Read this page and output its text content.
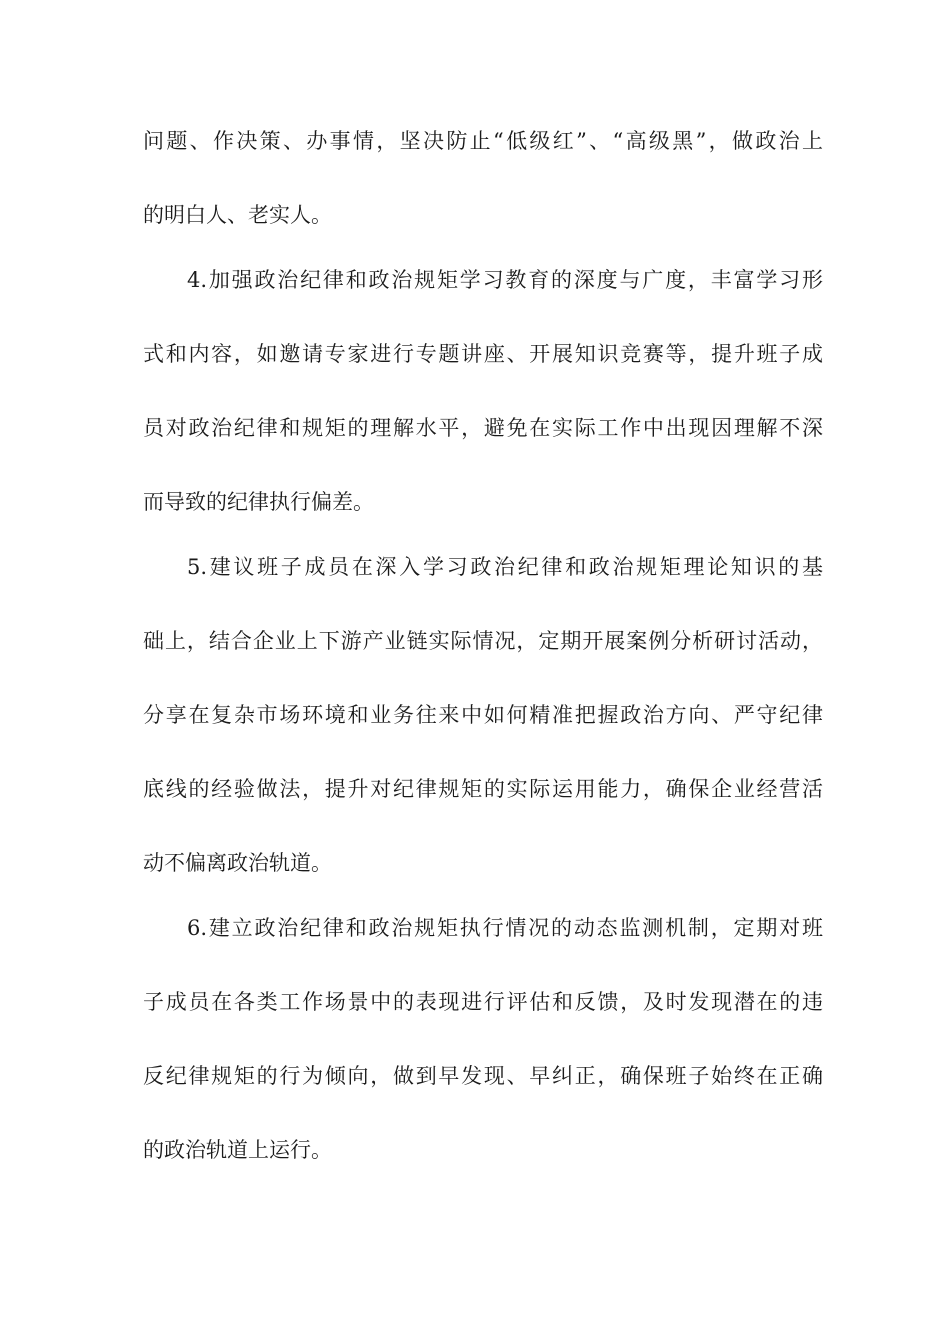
问题、作决策、办事情，坚决防止“低级红”、“高级黑”，做政治上
的明白人、老实人。
4.加强政治纪律和政治规矩学习教育的深度与广度，丰富学习形
式和内容，如邀请专家进行专题讲座、开展知识竞赛等，提升班子成
员对政治纪律和规矩的理解水平，避免在实际工作中出现因理解不深
而导致的纪律执行偏差。
5.建议班子成员在深入学习政治纪律和政治规矩理论知识的基
础上，结合企业上下游产业链实际情况，定期开展案例分析研讨活动，
分享在复杂市场环境和业务往来中如何精准把握政治方向、严守纪律
底线的经验做法，提升对纪律规矩的实际运用能力，确保企业经营活
动不偏离政治轨道。
6.建立政治纪律和政治规矩执行情况的动态监测机制，定期对班
子成员在各类工作场景中的表现进行评估和反馈，及时发现潜在的违
反纪律规矩的行为倾向，做到早发现、早纠正，确保班子始终在正确
的政治轨道上运行。
